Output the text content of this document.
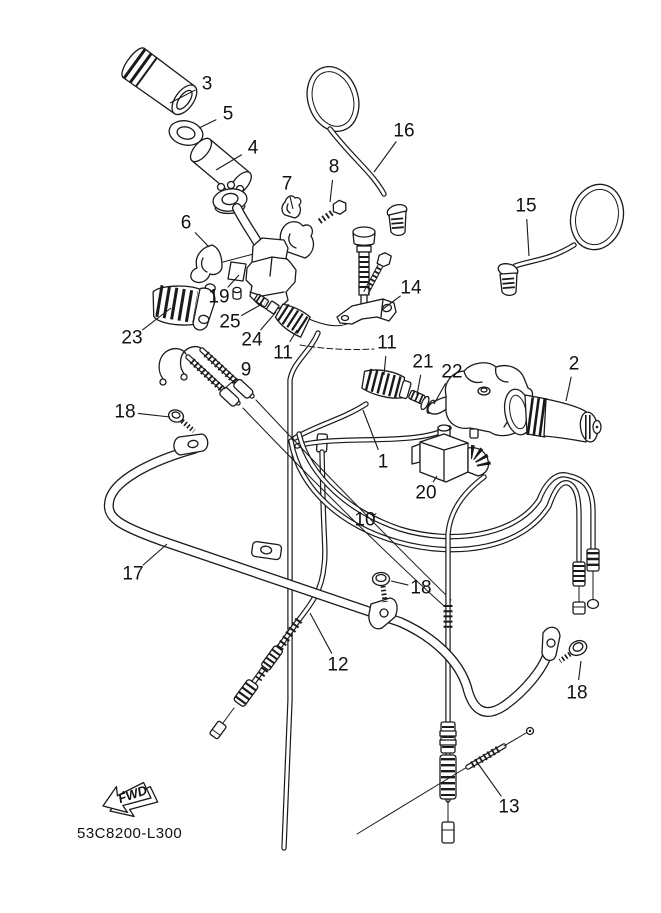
FWD
53C8200-L300
3
5
4
16
8
7
15
6
19
23
25
24
11
14
11
21 22	2
9
18
1
20
10
17
18
12
18
13
